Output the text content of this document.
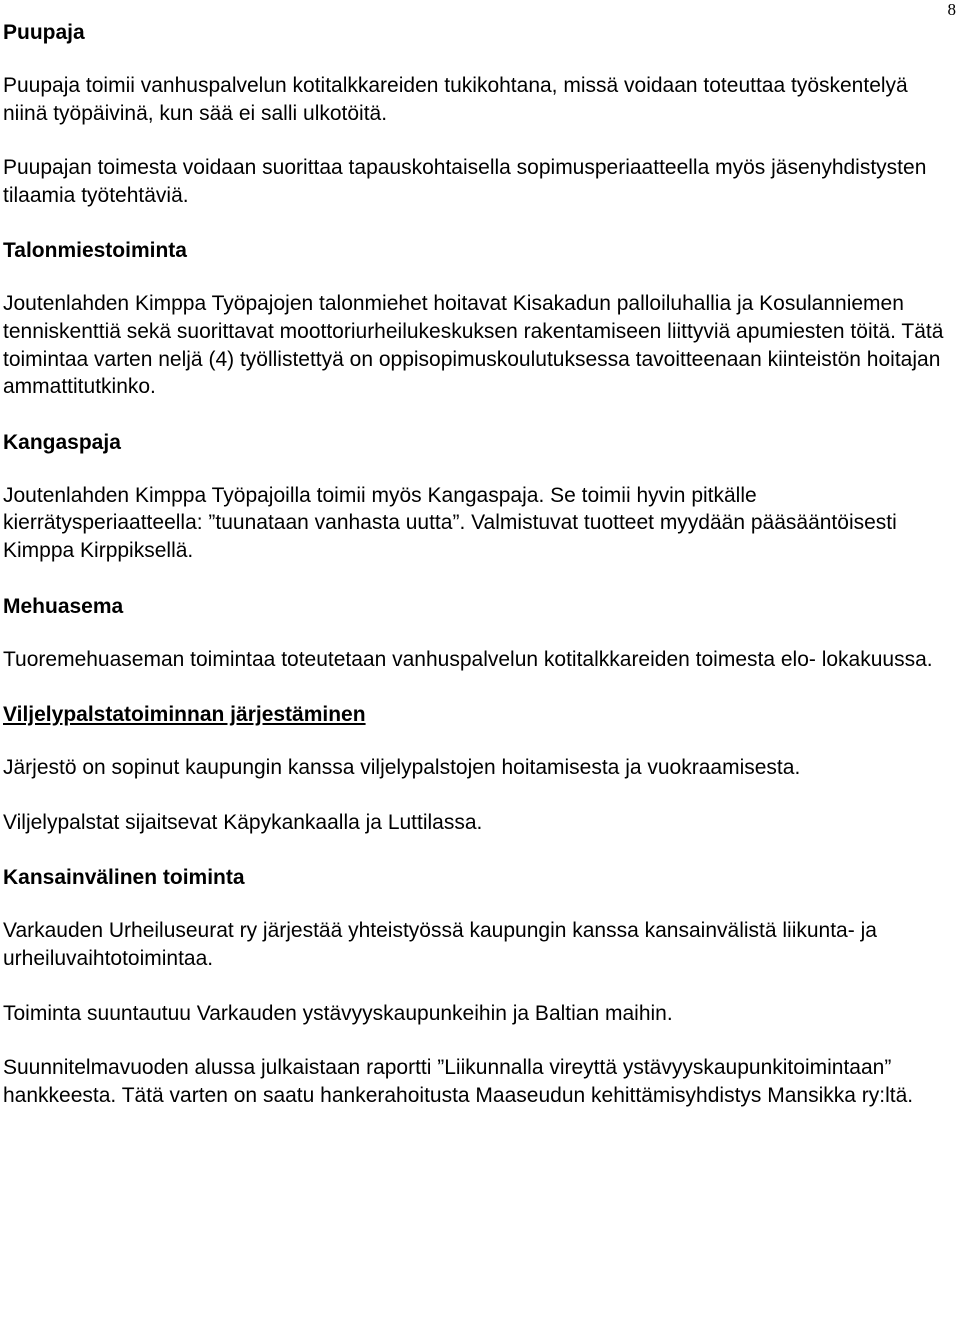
8
Puupaja
Puupaja toimii vanhuspalvelun kotitalkkareiden tukikohtana, missä voidaan toteuttaa työskentelyä niinä työpäivinä, kun sää ei salli ulkotöitä.
Puupajan toimesta voidaan suorittaa tapauskohtaisella sopimusperiaatteella myös jäsenyhdistysten tilaamia työtehtäviä.
Talonmiestoiminta
Joutenlahden Kimppa Työpajojen talonmiehet hoitavat Kisakadun palloiluhallia ja Kosulanniemen tenniskenttiä sekä suorittavat moottoriurheilukeskuksen rakentamiseen liittyviä apumiesten töitä. Tätä toimintaa varten neljä (4) työllistettyä on oppisopimuskoulutuksessa tavoitteenaan kiinteistön hoitajan ammattitutkinko.
Kangaspaja
Joutenlahden Kimppa Työpajoilla toimii myös Kangaspaja. Se toimii hyvin pitkälle kierrätysperiaatteella: ”tuunataan vanhasta uutta”. Valmistuvat tuotteet myydään pääsääntöisesti Kimppa Kirppiksellä.
Mehuasema
Tuoremehuaseman toimintaa toteutetaan vanhuspalvelun kotitalkkareiden toimesta elo- lokakuussa.
Viljelypalstatoiminnan järjestäminen
Järjestö on sopinut kaupungin kanssa viljelypalstojen hoitamisesta ja vuokraamisesta.
Viljelypalstat sijaitsevat Käpykankaalla ja Luttilassa.
Kansainvälinen toiminta
Varkauden Urheiluseurat ry järjestää yhteistyössä kaupungin kanssa kansainvälistä liikunta- ja urheiluvaihtotoimintaa.
Toiminta suuntautuu Varkauden ystävyyskaupunkeihin ja Baltian maihin.
Suunnitelmavuoden alussa julkaistaan raportti ”Liikunnalla vireyttä ystävyyskaupunkitoimintaan” hankkeesta. Tätä varten on saatu hankerahoitusta Maaseudun kehittämisyhdistys Mansikka ry:ltä.
